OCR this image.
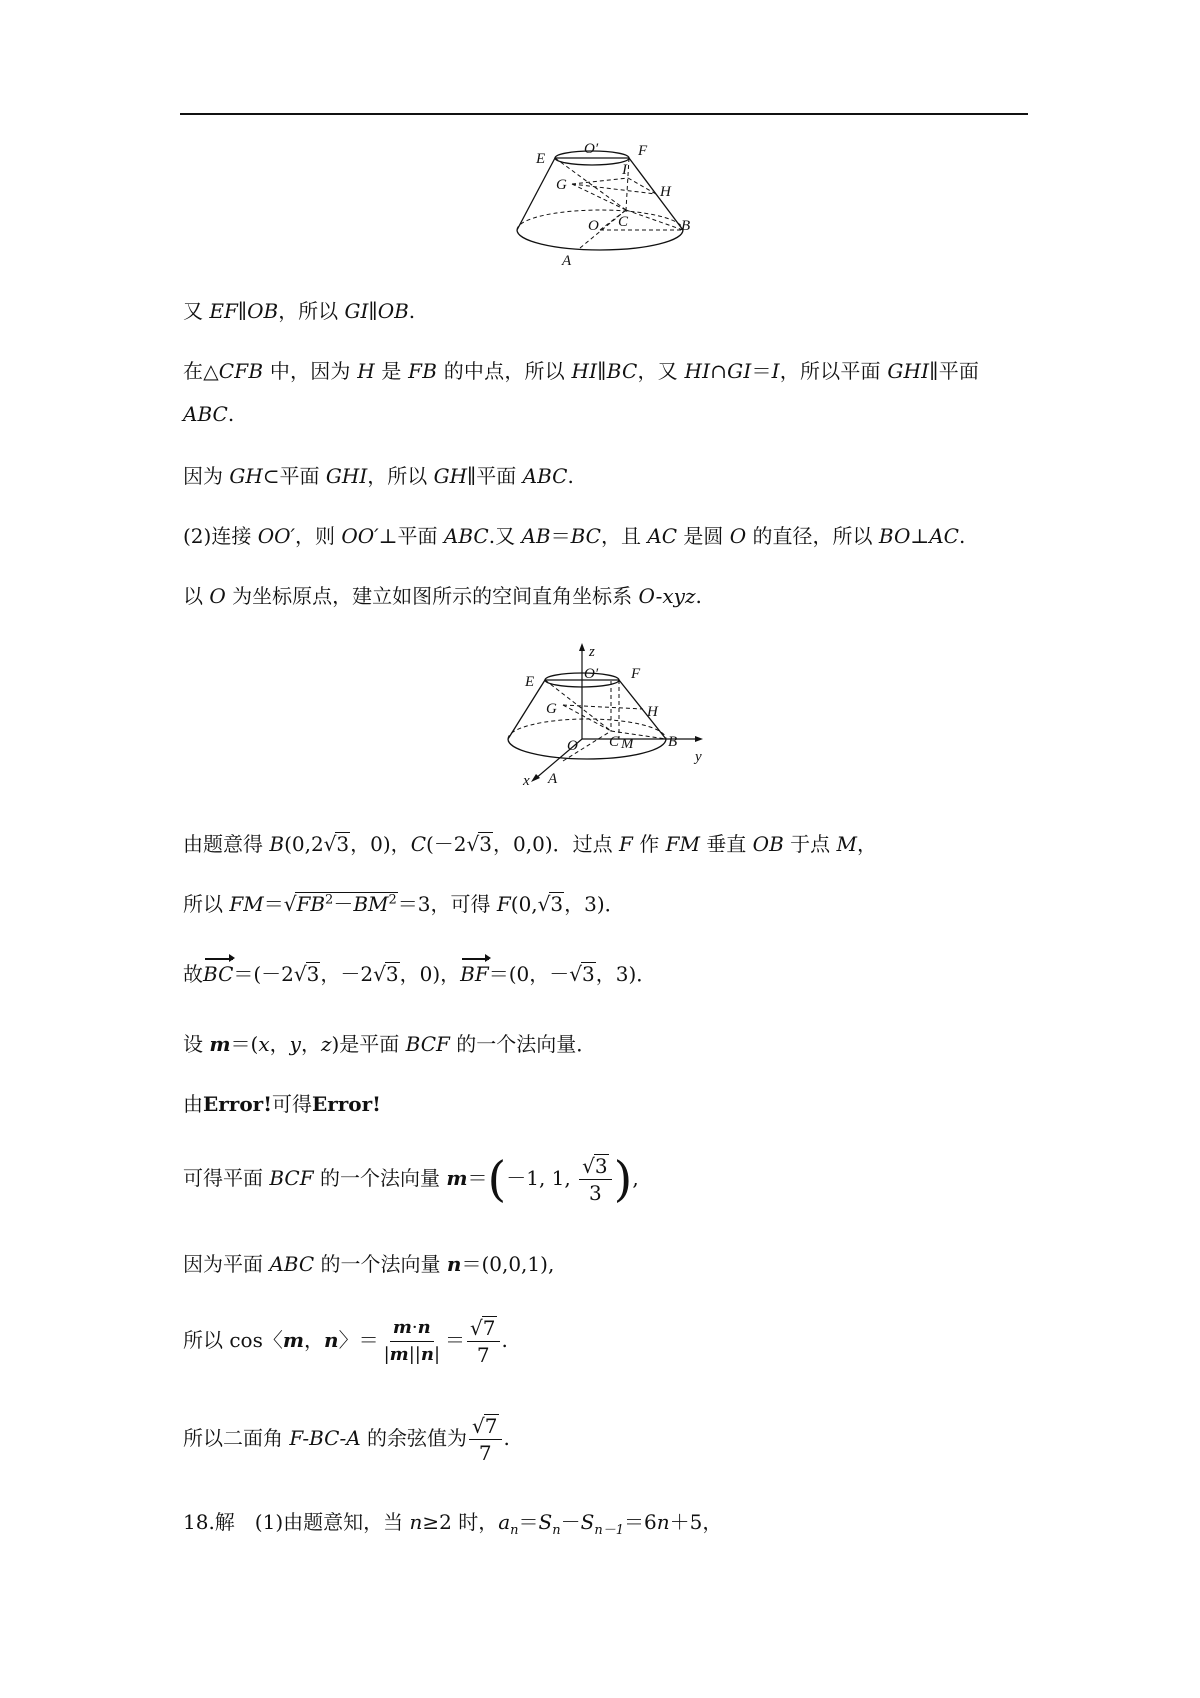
E
O′	F
I
G	H
O C	B
A
又 EF∥OB，所以 GI∥OB.
在△CFB 中，因为 H 是 FB 的中点，所以 HI∥BC，又 HI∩GI＝I，所以平面 GHI∥平面
ABC.
因为 GH⊂平面 GHI，所以 GH∥平面 ABC.
(2)连接 OO′，则 OO′⊥平面 ABC.又 AB＝BC，且 AC 是圆 O 的直径，所以 BO⊥AC.
以 O 为坐标原点，建立如图所示的空间直角坐标系 O-xyz.
z
E	O′ F
G	H
O C M B
y
x A
由题意得 B(0,2√3，0)，C(－2√3，0,0)．过点 F 作 FM 垂直 OB 于点 M，
所以 $FM=√FB^2-BM^2=3$，可得 F(0,√3，3)．
故BC＝(－2√3，－2√3，0)，BF＝(0，－√3，3)．
设 m＝(x，y，z)是平面 BCF 的一个法向量．
由Error!可得Error!
可得平面 BCF 的一个法向量 m＝(－1, 1, $\frac{√3}{3}$ ),
因为平面 ABC 的一个法向量 n＝(0,0,1),
所以 cos〈m，n〉＝ $\frac{m\cdot n}{|m||n|} = \frac{√7}{7}$ .
所以二面角 F-BC-A 的余弦值为 $\frac{√7}{7}$ .
18.解　(1)由题意知，当 n≥2 时，$a_n=S_n-S_{n-1}=6n+5$，
